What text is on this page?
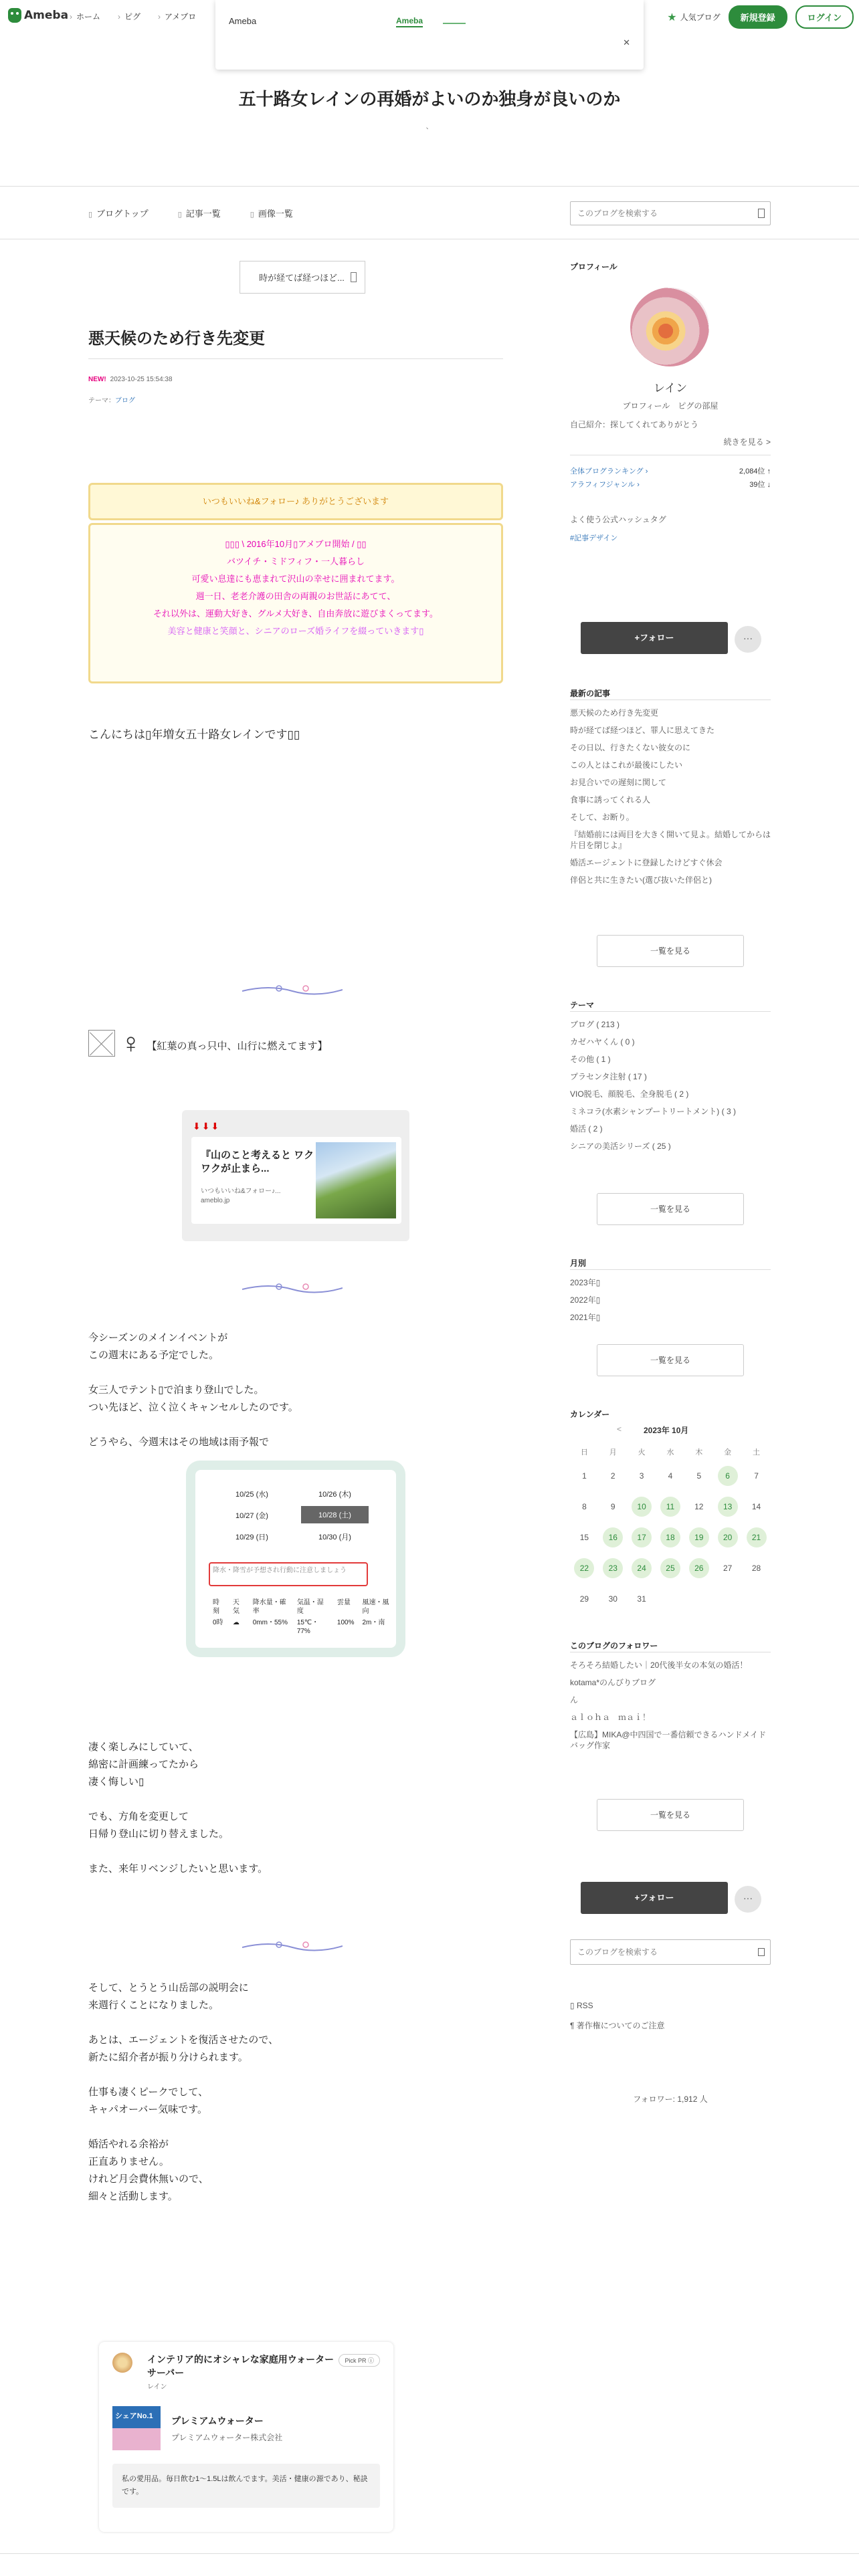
Ameba › ホーム	› ピグ	› アメブロ	★ 人気ブログ	新規登録	ログイン
Ameba	Ameba
✕
五十路女レインの再婚がよいのか独身が良いのか
、
▯ ブログトップ	▯ 記事一覧	▯ 画像一覧
このブログを検索する
時が経てば経つほど...
悪天候のため行き先変更
NEW! 2023-10-25 15:54:38
テーマ：ブログ
いつもいいね&フォロー♪ ありがとうございます
▯▯▯ \ 2016年10月▯アメブロ開始 / ▯▯
バツイチ・ミドフィフ・一人暮らし
可愛い息達にも恵まれて沢山の幸せに囲まれてます。
週一日、老老介護の田舎の両親のお世話にあてて、
それ以外は、運動大好き、グルメ大好き、自由奔放に遊びまくってます。
美容と健康と笑顔と、シニアのローズ婚ライフを綴っていきます▯
こんにちは▯年増女五十路女レインです▯▯
♀ 【紅葉の真っ只中、山行に燃えてます】
⬇⬇⬇
『山のこと考えると ワクワクが止まら...
いつもいいね&フォロー♪...
ameblo.jp
今シーズンのメインイベントが
この週末にある予定でした。
女三人でテント▯で泊まり登山でした。
つい先ほど、泣く泣くキャンセルしたのです。
どうやら、今週末はその地域は雨予報で
10/25 (水)	10/26 (木)
10/27 (金)	10/28 (土)
10/29 (日)	10/30 (月)
降水・降雪が予想され行動に注意しましょう
時刻	天気	降水量・確率	気温・湿度	雲量	風速・風向
0時	☁	0mm・55%	15℃・77%	100%	2m・南
凄く楽しみにしていて、
綿密に計画練ってたから
凄く悔しい▯
でも、方角を変更して
日帰り登山に切り替えました。
また、来年リベンジしたいと思います。
そして、とうとう山岳部の説明会に
来週行くことになりました。
あとは、エージェントを復活させたので、
新たに紹介者が振り分けられます。
仕事も凄くピークでして、
キャパオーバー気味です。
婚活やれる余裕が
正直ありません。
けれど月会費休無いので、
細々と活動します。
インテリア的にオシャレな家庭用ウォーターサーバー
レイン
Pick PR ⓘ
シェアNo.1 プレミアムウォーター
プレミアムウォーター株式会社
私の愛用品。毎日飲む1〜1.5Lは飲んでます。美活・健康の源であり、秘訣です。
プロフィール
レイン
プロフィール　ピグの部屋
自己紹介：探してくれてありがとう
続きを見る >
全体ブログランキング ›	2,084位 ↑
アラフィフジャンル ›	39位 ↓
よく使う公式ハッシュタグ
#記事デザイン
+フォロー	···
最新の記事
悪天候のため行き先変更
時が経てば経つほど、罪人に思えてきた
その日以、行きたくない彼女のに
この人とはこれが最後にしたい
お見合いでの遅刻に関して
食事に誘ってくれる人
そして、お断り。
『結婚前には両目を大きく開いて見よ。結婚してからは片目を閉じよ』
婚活エージェントに登録したけどすぐ休会
伴侶と共に生きたい(選び抜いた伴侶と)
一覧を見る
テーマ
ブログ ( 213 )
カゼハヤくん ( 0 )
その他 ( 1 )
プラセンタ注射 ( 17 )
VIO脱毛、顔脱毛、全身脱毛 ( 2 )
ミネコラ(水素シャンプートリートメント) ( 3 )
婚活 ( 2 )
シニアの美活シリーズ ( 25 )
一覧を見る
月別
2023年▯
2022年▯
2021年▯
一覧を見る
カレンダー
<	2023年 10月
日	月	火	水	木	金	土
1	2	3	4	5	6	7
8	9	10	11	12	13	14
15	16	17	18	19	20	21
22	23	24	25	26	27	28
29	30	31				
このブログのフォロワー
そろそろ結婚したい｜20代後半女の本気の婚活！
kotama*のんびりブログ
ん
ａｌｏｈａ　ｍａｉ！
【広島】MIKA@中四国で一番信頼できるハンドメイドバッグ作家
一覧を見る
フォロワー: 1,912 人
+フォロー	···
このブログを検索する
▯ RSS
¶ 著作権についてのご注意
